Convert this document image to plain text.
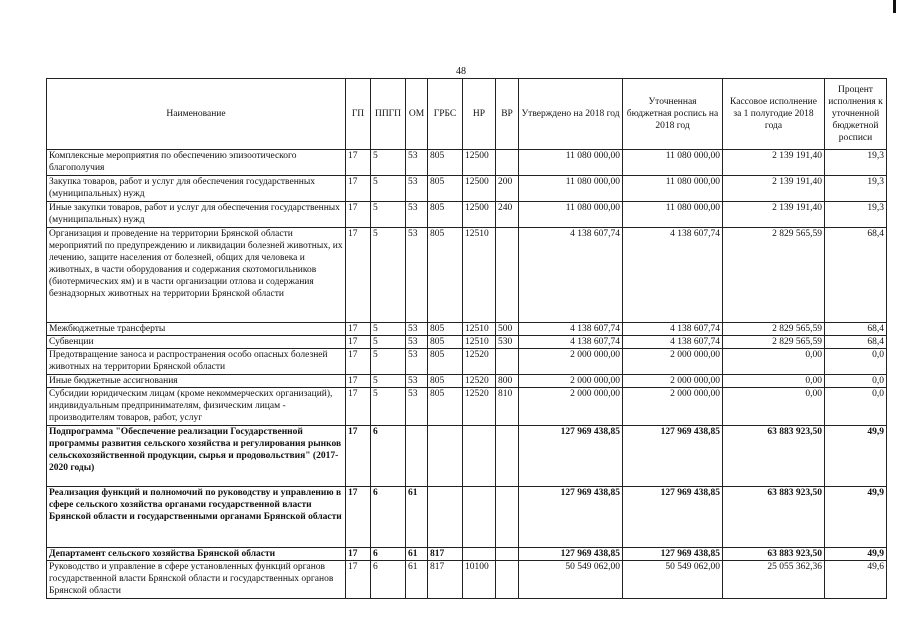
48
Наименование	ГП	ППГП	ОМ	ГРБС	НР	ВР	Утверждено на 2018 год	Уточненная бюджетная роспись на 2018 год	Кассовое исполнение за 1 полугодие 2018 года	Процент исполнения к уточненной бюджетной росписи
Комплексные мероприятия по обеспечению эпизоотического благополучия	17	5	53	805	12500		11 080 000,00	11 080 000,00	2 139 191,40	19,3
Закупка товаров, работ и услуг для обеспечения государственных (муниципальных) нужд	17	5	53	805	12500	200	11 080 000,00	11 080 000,00	2 139 191,40	19,3
Иные закупки товаров, работ и услуг для обеспечения государственных (муниципальных) нужд	17	5	53	805	12500	240	11 080 000,00	11 080 000,00	2 139 191,40	19,3
Организация и проведение на территории Брянской области мероприятий по предупреждению и ликвидации болезней животных, их лечению, защите населения от болезней, общих для человека и животных, в части оборудования и содержания скотомогильников (биотермических ям) и в части организации отлова и содержания безнадзорных животных на территории Брянской области	17	5	53	805	12510		4 138 607,74	4 138 607,74	2 829 565,59	68,4
Межбюджетные трансферты	17	5	53	805	12510	500	4 138 607,74	4 138 607,74	2 829 565,59	68,4
Субвенции	17	5	53	805	12510	530	4 138 607,74	4 138 607,74	2 829 565,59	68,4
Предотвращение заноса и распространения особо опасных болезней животных на территории Брянской области	17	5	53	805	12520		2 000 000,00	2 000 000,00	0,00	0,0
Иные бюджетные ассигнования	17	5	53	805	12520	800	2 000 000,00	2 000 000,00	0,00	0,0
Субсидии юридическим лицам (кроме некоммерческих организаций), индивидуальным предпринимателям, физическим лицам - производителям товаров, работ, услуг	17	5	53	805	12520	810	2 000 000,00	2 000 000,00	0,00	0,0
Подпрограмма "Обеспечение реализации Государственной программы развития сельского хозяйства и регулирования рынков сельскохозяйственной продукции, сырья и продовольствия" (2017-2020 годы)	17	6					127 969 438,85	127 969 438,85	63 883 923,50	49,9
Реализация функций и полномочий по руководству и управлению в сфере сельского хозяйства органами государственной власти Брянской области и государственными органами Брянской области	17	6	61				127 969 438,85	127 969 438,85	63 883 923,50	49,9
Департамент сельского хозяйства Брянской области	17	6	61	817			127 969 438,85	127 969 438,85	63 883 923,50	49,9
Руководство и управление в сфере установленных функций органов государственной власти Брянской области и государственных органов Брянской области	17	6	61	817	10100		50 549 062,00	50 549 062,00	25 055 362,36	49,6
